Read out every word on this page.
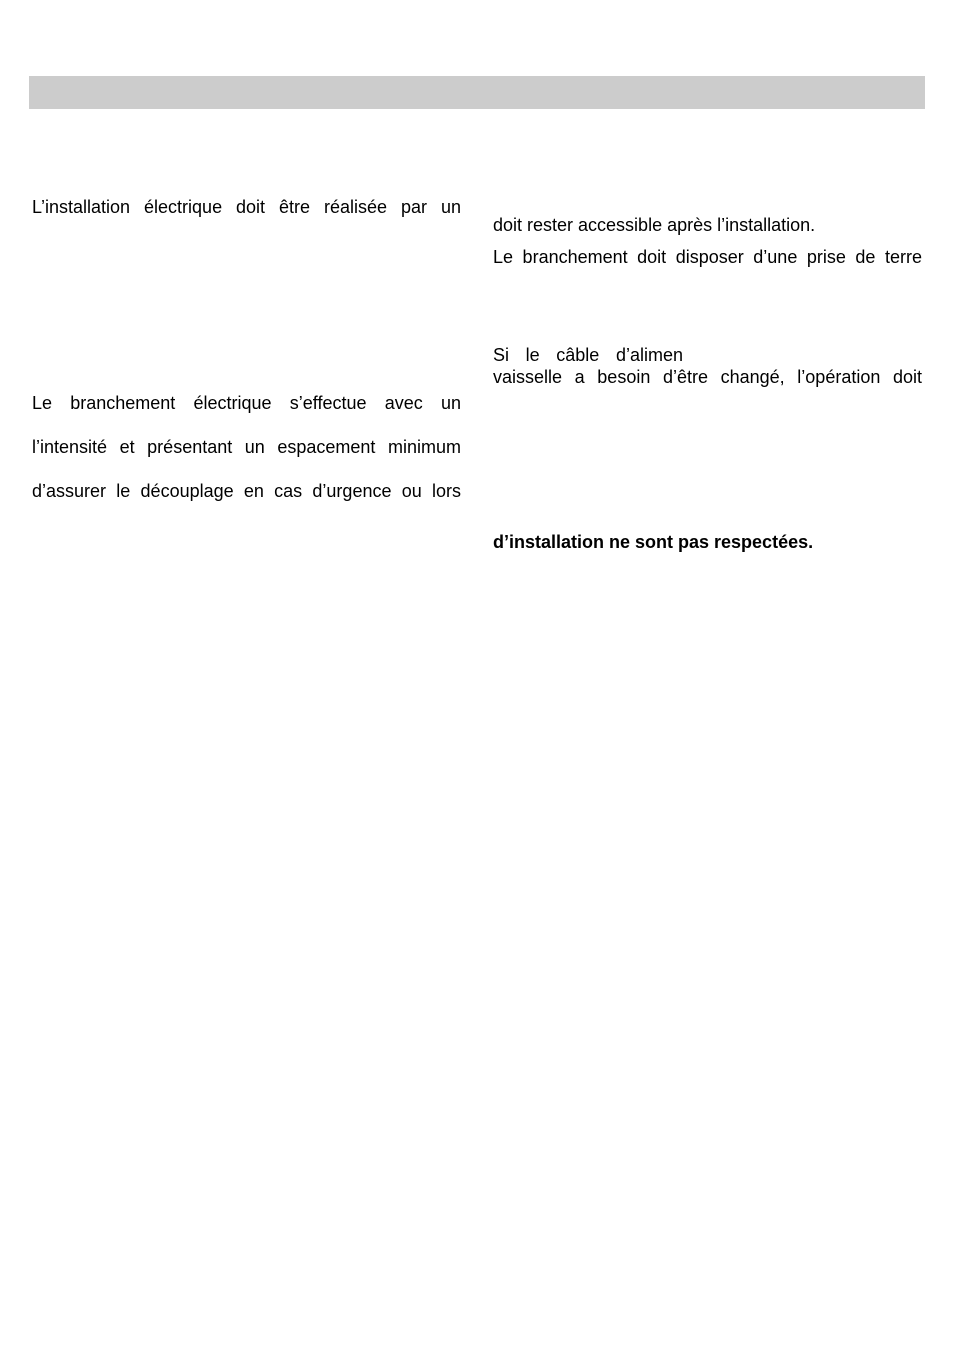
L’installation électrique doit être réalisée par un

Le branchement électrique s’effectue avec un

l’intensité et présentant un espacement minimum

d’assurer le découplage en cas d’urgence ou lors

doit rester accessible après l’installation.

Le branchement doit disposer d’une prise de terre

Si le câble d’alimen

vaisselle a besoin d’être changé, l’opération doit

d’installation ne sont pas respectées.
